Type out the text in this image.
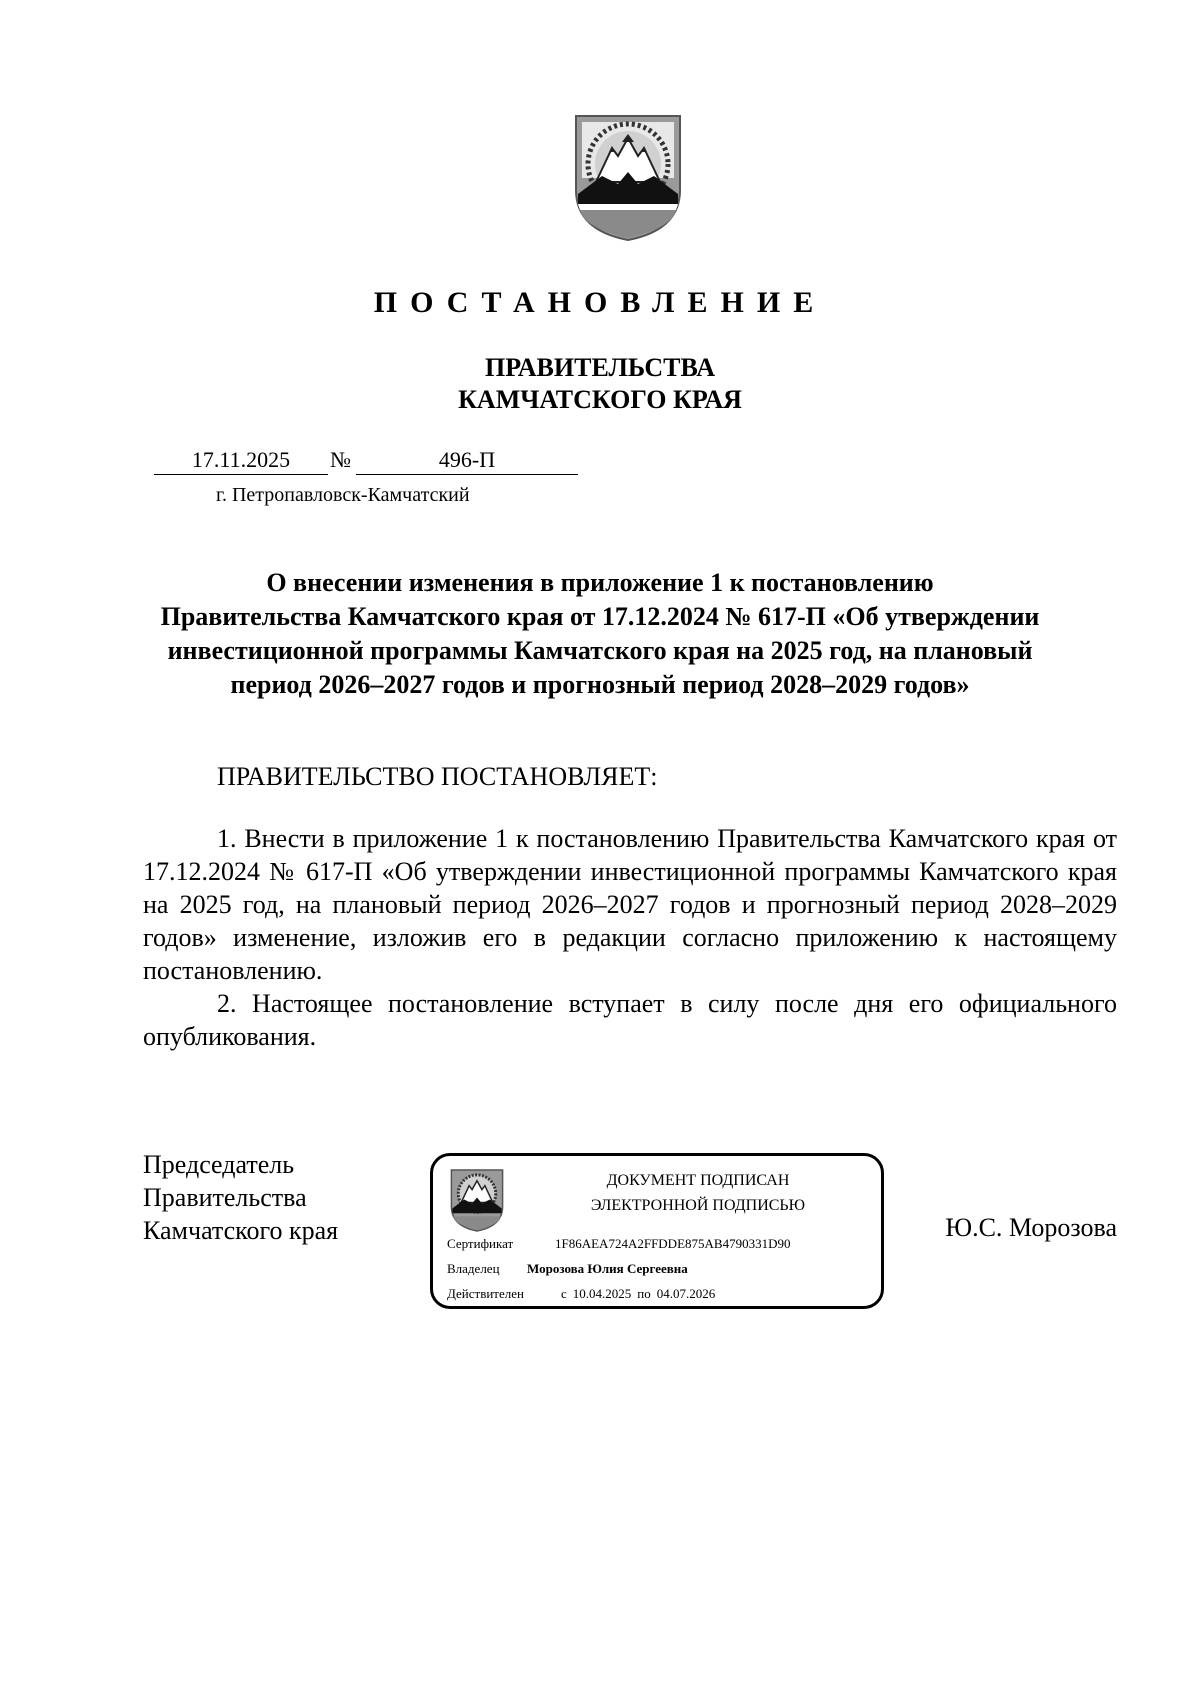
ПОСТАНОВЛЕНИЕ
ПРАВИТЕЛЬСТВА
КАМЧАТСКОГО КРАЯ
17.11.2025	№	496-П
г. Петропавловск-Камчатский
О внесении изменения в приложение 1 к постановлению
Правительства Камчатского края от 17.12.2024 № 617-П «Об утверждении
инвестиционной программы Камчатского края на 2025 год, на плановый
период 2026–2027 годов и прогнозный период 2028–2029 годов»
ПРАВИТЕЛЬСТВО ПОСТАНОВЛЯЕТ:

1. Внести в приложение 1 к постановлению Правительства Камчатского края от 17.12.2024 № 617-П «Об утверждении инвестиционной программы Камчатского края на 2025 год, на плановый период 2026–2027 годов и прогнозный период 2028–2029 годов» изменение, изложив его в редакции согласно приложению к настоящему постановлению.

2. Настоящее постановление вступает в силу после дня его официального опубликования.

Председатель
Правительства
Камчатского края
ДОКУМЕНТ ПОДПИСАН
ЭЛЕКТРОННОЙ ПОДПИСЬЮ
Сертификат	1F86AEA724A2FFDDE875AB4790331D90
Владелец Морозова Юлия Сергеевна
Действителен	с 10.04.2025 по 04.07.2026
Ю.С. Морозова
